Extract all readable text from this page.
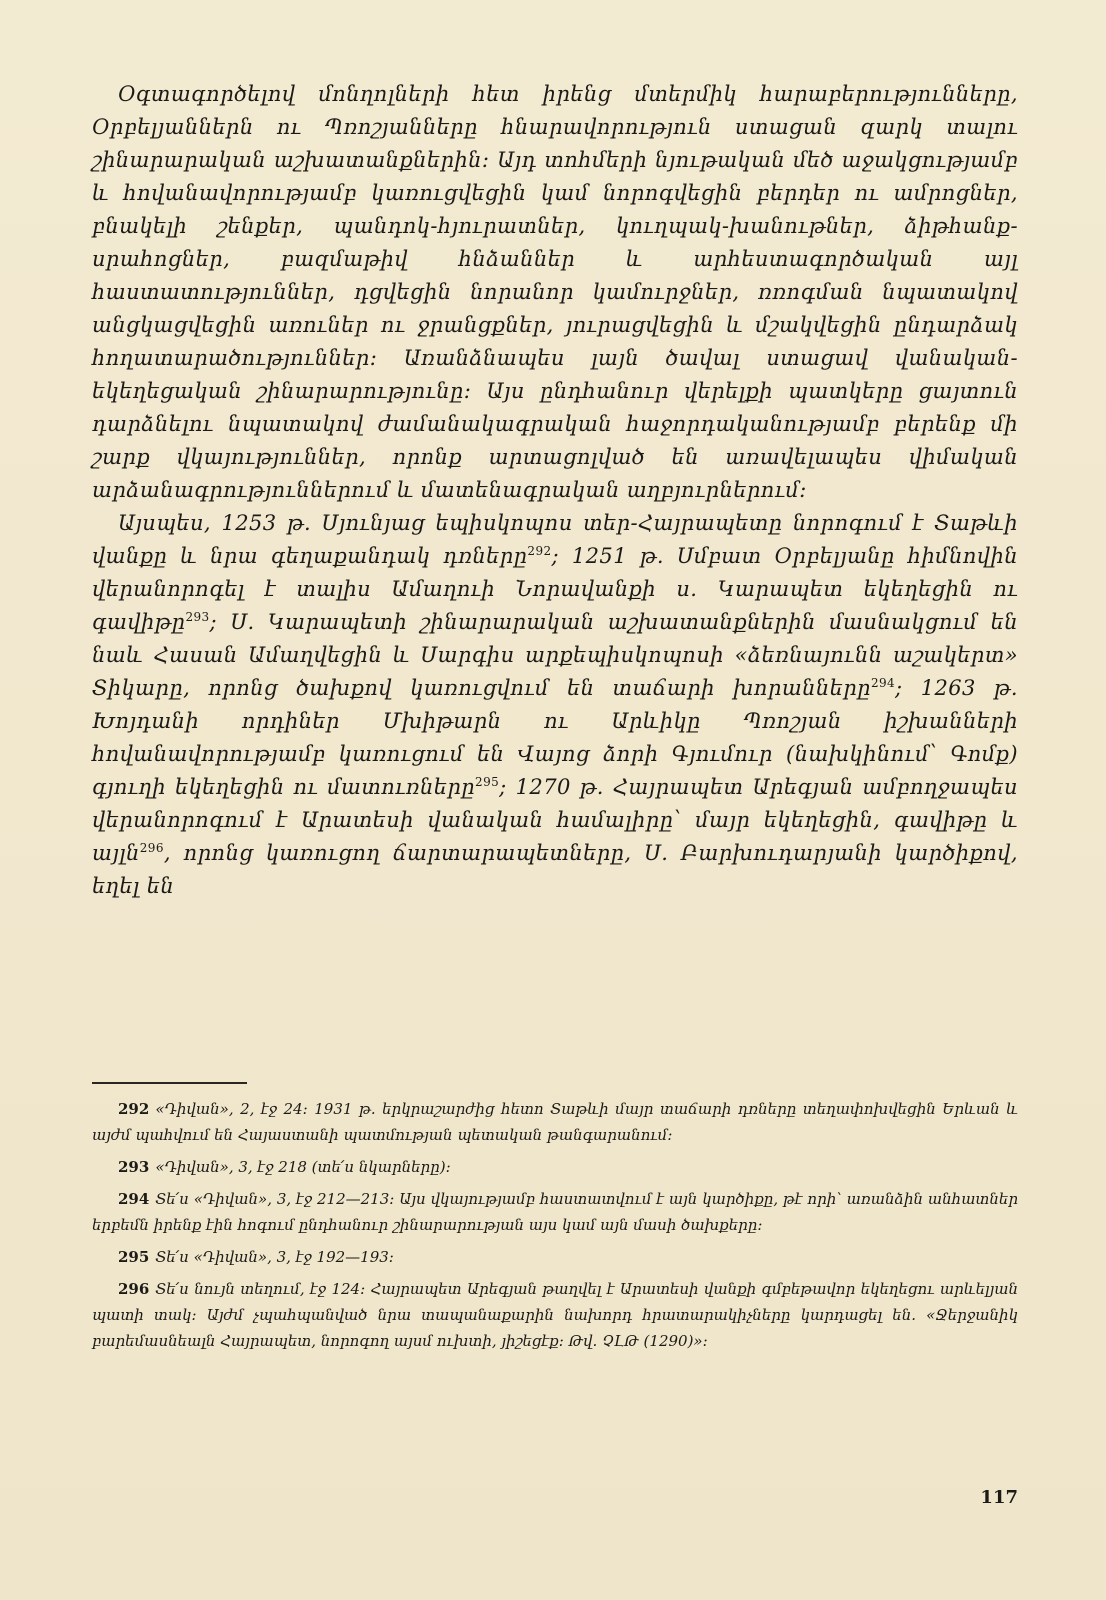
Օգտագործելով մոնղոլների հետ իրենց մտերմիկ հարաբերությունները, Օրբելյաններն ու Պռոշյանները հնարավորություն ստացան զարկ տալու շինարարական աշխատանքներին։ Այդ տոհմերի նյութական մեծ աջակցությամբ և հովանավորությամբ կառուցվեցին կամ նորոգվեցին բերդեր ու ամրոցներ, բնակելի շենքեր, պանդոկ-հյուրատներ, կուղպակ-խանութներ, ձիթհանք-սրահոցներ, բազմաթիվ հնձաններ և արհեստագործական այլ հաստատություններ, դցվեցին նորանոր կամուրջներ, ռռոգման նպատակով անցկացվեցին առուներ ու ջրանցքներ, յուրացվեցին և մշակվեցին ընդարձակ հողատարածություններ։ Առանձնապես լայն ծավալ ստացավ վանական-եկեղեցական շինարարությունը։ Այս ընդհանուր վերելքի պատկերը ցայտուն դարձնելու նպատակով ժամանակագրական հաջորդականությամբ բերենք մի շարք վկայություններ, որոնք արտացոլված են առավելապես վիմական արձանագրություններում և մատենագրական աղբյուրներում։

Այսպես, 1253 թ. Սյունյաց եպիսկոպոս տեր-Հայրապետը նորոգում է Տաթևի վանքը և նրա գեղաքանդակ դռները$^{292}$; 1251 թ. Սմբատ Օրբելյանը հիմնովին վերանորոգել է տալիս Ամաղուի Նորավանքի ս. Կարապետ եկեղեցին ու գավիթը$^{293}$; Ս. Կարապետի շինարարական աշխատանքներին մասնակցում են նաև Հասան Ամաղվեցին և Սարգիս արքեպիսկոպոսի «ձեռնայունն աշակերտ» Տիկարը, որոնց ծախքով կառուցվում են տաճարի խորանները$^{294}$; 1263 թ. Խոյդանի որդիներ Մխիթարն ու Արևիկը Պռոշյան իշխանների հովանավորությամբ կառուցում են Վայոց ձորի Գյումուր (նախկինում՝ Գոմք) գյուղի եկեղեցին ու մատուռները$^{295}$; 1270 թ. Հայրապետ Արեգյան ամբողջապես վերանորոգում է Արատեսի վանական համալիրը՝ մայր եկեղեցին, գավիթը և այլն$^{296}$, որոնց կառուցող ճարտարապետները, Ս. Բարխուդարյանի կարծիքով, եղել են

292 «Դիվան», 2, էջ 24։ 1931 թ. երկրաշարժից հետո Տաթևի մայր տաճարի դռները տեղափոխվեցին Երևան և այժմ պահվում են Հայաստանի պատմության պետական թանգարանում։

293 «Դիվան», 3, էջ 218 (տե՛ս նկարները)։

294 Տե՛ս «Դիվան», 3, էջ 212—213։ Այս վկայությամբ հաստատվում է այն կարծիքը, թէ որի՝ առանձին անհատներ երբեմն իրենք էին հոգում ընդհանուր շինարարության այս կամ այն մասի ծախքերը։

295 Տե՛ս «Դիվան», 3, էջ 192—193։

296 Տե՛ս նույն տեղում, էջ 124։ Հայրապետ Արեգյան թաղվել է Արատեսի վանքի գմբեթավոր եկեղեցու արևելյան պատի տակ։ Այժմ չպահպանված նրա տապանաքարին նախորդ հրատարակիչները կարդացել են. «Ջերջանիկ բարեմասնեալն Հայրապետ, նորոգող այսմ ուխտի, յիշեցէք։ Թվ. ՉԼԹ (1290)»։

117
